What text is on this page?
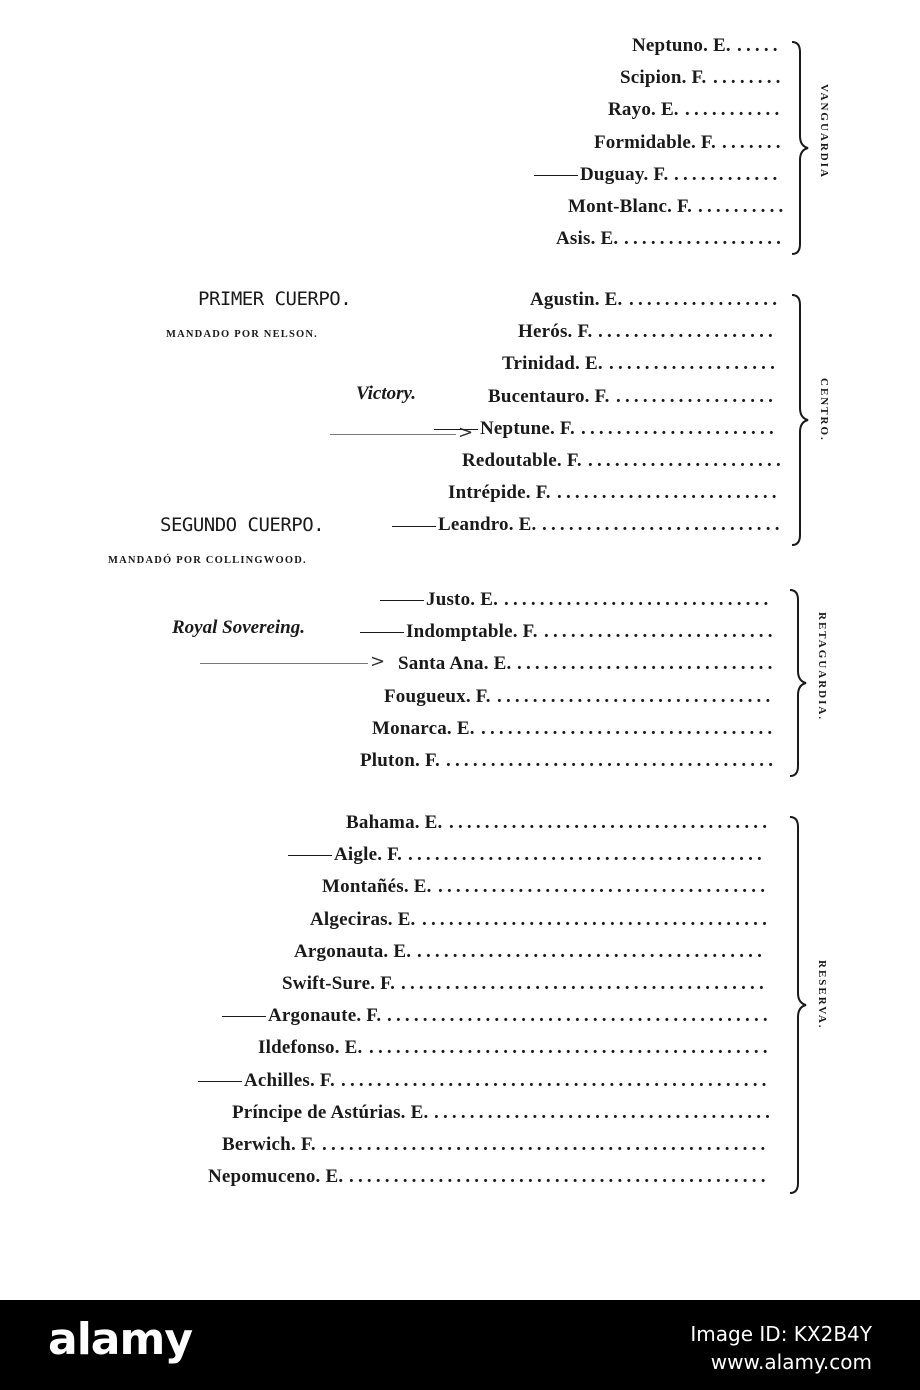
PRIMER CUERPO.
MANDADO POR NELSON.
Victory.
SEGUNDO CUERPO.
MANDADÓ POR COLLINGWOOD.
Royal Sovereing.
>
>
VANGUARDIA
CENTRO.
RETAGUARDIA.
RESERVA.
Neptuno. E. .....
Scipion. F. ........
Rayo. E. ...........
Formidable. F. .......
Duguay. F. ............
Mont-Blanc. F. ..........
Asis. E. ..................
Agustin. E. .................
Herós. F. ....................
Trinidad. E. ...................
Bucentauro. F. ..................
Neptune. F. ......................
Redoutable. F. ......................
Intrépide. F. .........................
Leandro. E. ...........................
Justo. E. ..............................
Indomptable. F. ..........................
Santa Ana. E. .............................
Fougueux. F. ...............................
Monarca. E. .................................
Pluton. F. .....................................
Bahama. E. ....................................
Aigle. F. ........................................
Montañés. E. .....................................
Algeciras. E. .......................................
Argonauta. E. .......................................
Swift-Sure. F. .........................................
Argonaute. F. ...........................................
Ildefonso. E. .............................................
Achilles. F. ................................................
Príncipe de Astúrias. E. ......................................
Berwich. F. ..................................................
Nepomuceno. E. ...............................................
alamy	Image ID: KX2B4Y
www.alamy.com
